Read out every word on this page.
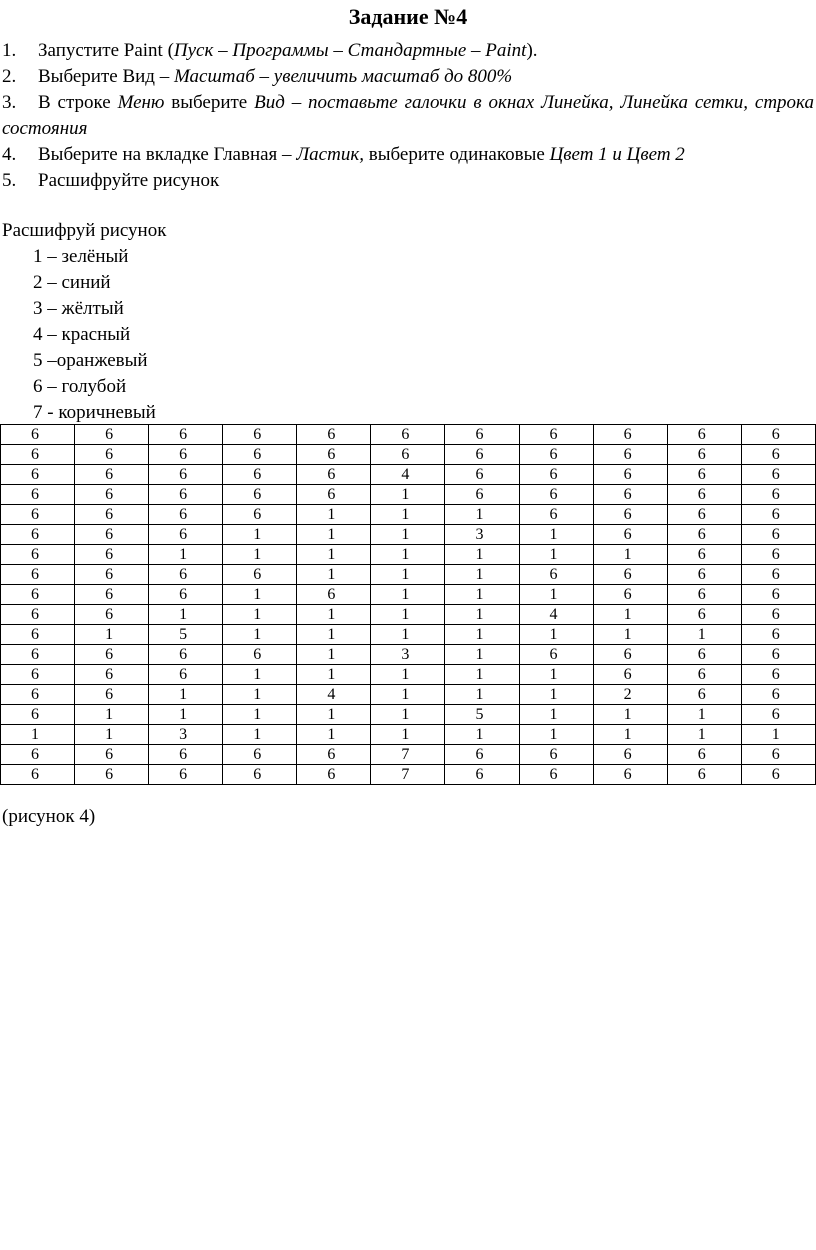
Задание №4
1.	Запустите Paint (Пуск – Программы – Стандартные – Paint).
2.	Выберите Вид – Масштаб – увеличить масштаб до 800%
3. В строке Меню выберите Вид – поставьте галочки в окнах Линейка, Линейка сетки, строка состояния
4.	Выберите на вкладке Главная – Ластик, выберите одинаковые Цвет 1 и Цвет 2
5.	Расшифруйте рисунок
Расшифруй рисунок
1 – зелёный
2 – синий
3 – жёлтый
4 – красный
5 –оранжевый
6 – голубой
7 - коричневый
6	6	6	6	6	6	6	6	6	6	6
6	6	6	6	6	6	6	6	6	6	6
6	6	6	6	6	4	6	6	6	6	6
6	6	6	6	6	1	6	6	6	6	6
6	6	6	6	1	1	1	6	6	6	6
6	6	6	1	1	1	3	1	6	6	6
6	6	1	1	1	1	1	1	1	6	6
6	6	6	6	1	1	1	6	6	6	6
6	6	6	1	6	1	1	1	6	6	6
6	6	1	1	1	1	1	4	1	6	6
6	1	5	1	1	1	1	1	1	1	6
6	6	6	6	1	3	1	6	6	6	6
6	6	6	1	1	1	1	1	6	6	6
6	6	1	1	4	1	1	1	2	6	6
6	1	1	1	1	1	5	1	1	1	6
1	1	3	1	1	1	1	1	1	1	1
6	6	6	6	6	7	6	6	6	6	6
6	6	6	6	6	7	6	6	6	6	6
(рисунок 4)
